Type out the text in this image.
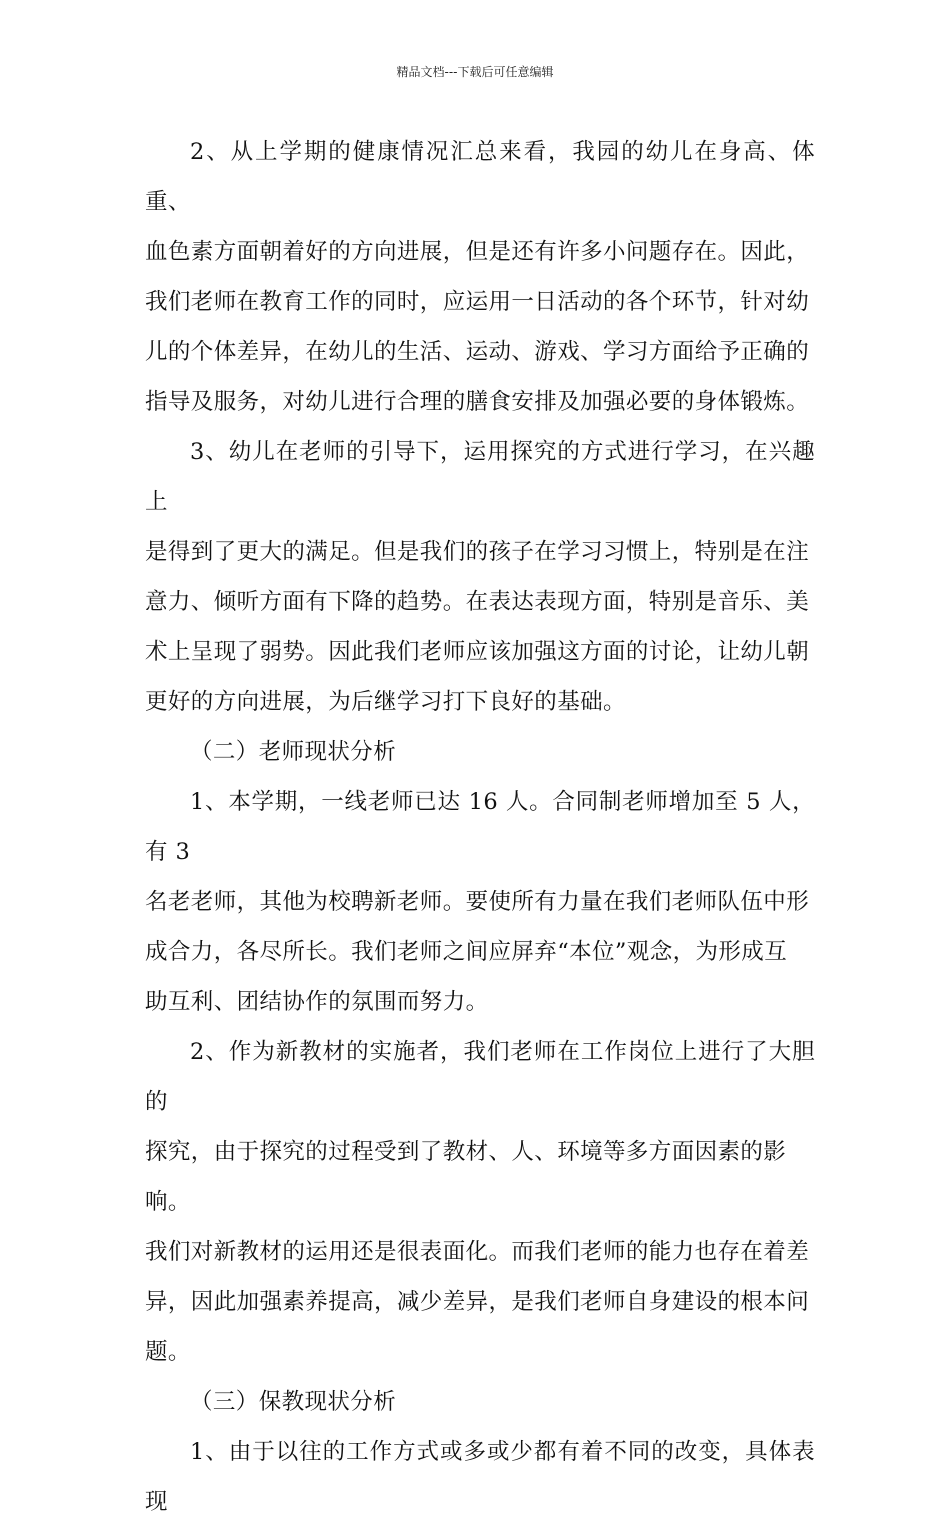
精品文档---下载后可任意编辑
2、从上学期的健康情况汇总来看，我园的幼儿在身高、体重、
血色素方面朝着好的方向进展，但是还有许多小问题存在。因此，
我们老师在教育工作的同时，应运用一日活动的各个环节，针对幼
儿的个体差异，在幼儿的生活、运动、游戏、学习方面给予正确的
指导及服务，对幼儿进行合理的膳食安排及加强必要的身体锻炼。
3、幼儿在老师的引导下，运用探究的方式进行学习，在兴趣上
是得到了更大的满足。但是我们的孩子在学习习惯上，特别是在注
意力、倾听方面有下降的趋势。在表达表现方面，特别是音乐、美
术上呈现了弱势。因此我们老师应该加强这方面的讨论，让幼儿朝
更好的方向进展，为后继学习打下良好的基础。
（二）老师现状分析
1、本学期，一线老师已达 16 人。合同制老师增加至 5 人，有 3
名老老师，其他为校聘新老师。要使所有力量在我们老师队伍中形
成合力，各尽所长。我们老师之间应屏弃“本位”观念，为形成互
助互利、团结协作的氛围而努力。
2、作为新教材的实施者，我们老师在工作岗位上进行了大胆的
探究，由于探究的过程受到了教材、人、环境等多方面因素的影响。
我们对新教材的运用还是很表面化。而我们老师的能力也存在着差
异，因此加强素养提高，减少差异，是我们老师自身建设的根本问
题。
（三）保教现状分析
1、由于以往的工作方式或多或少都有着不同的改变，具体表现
